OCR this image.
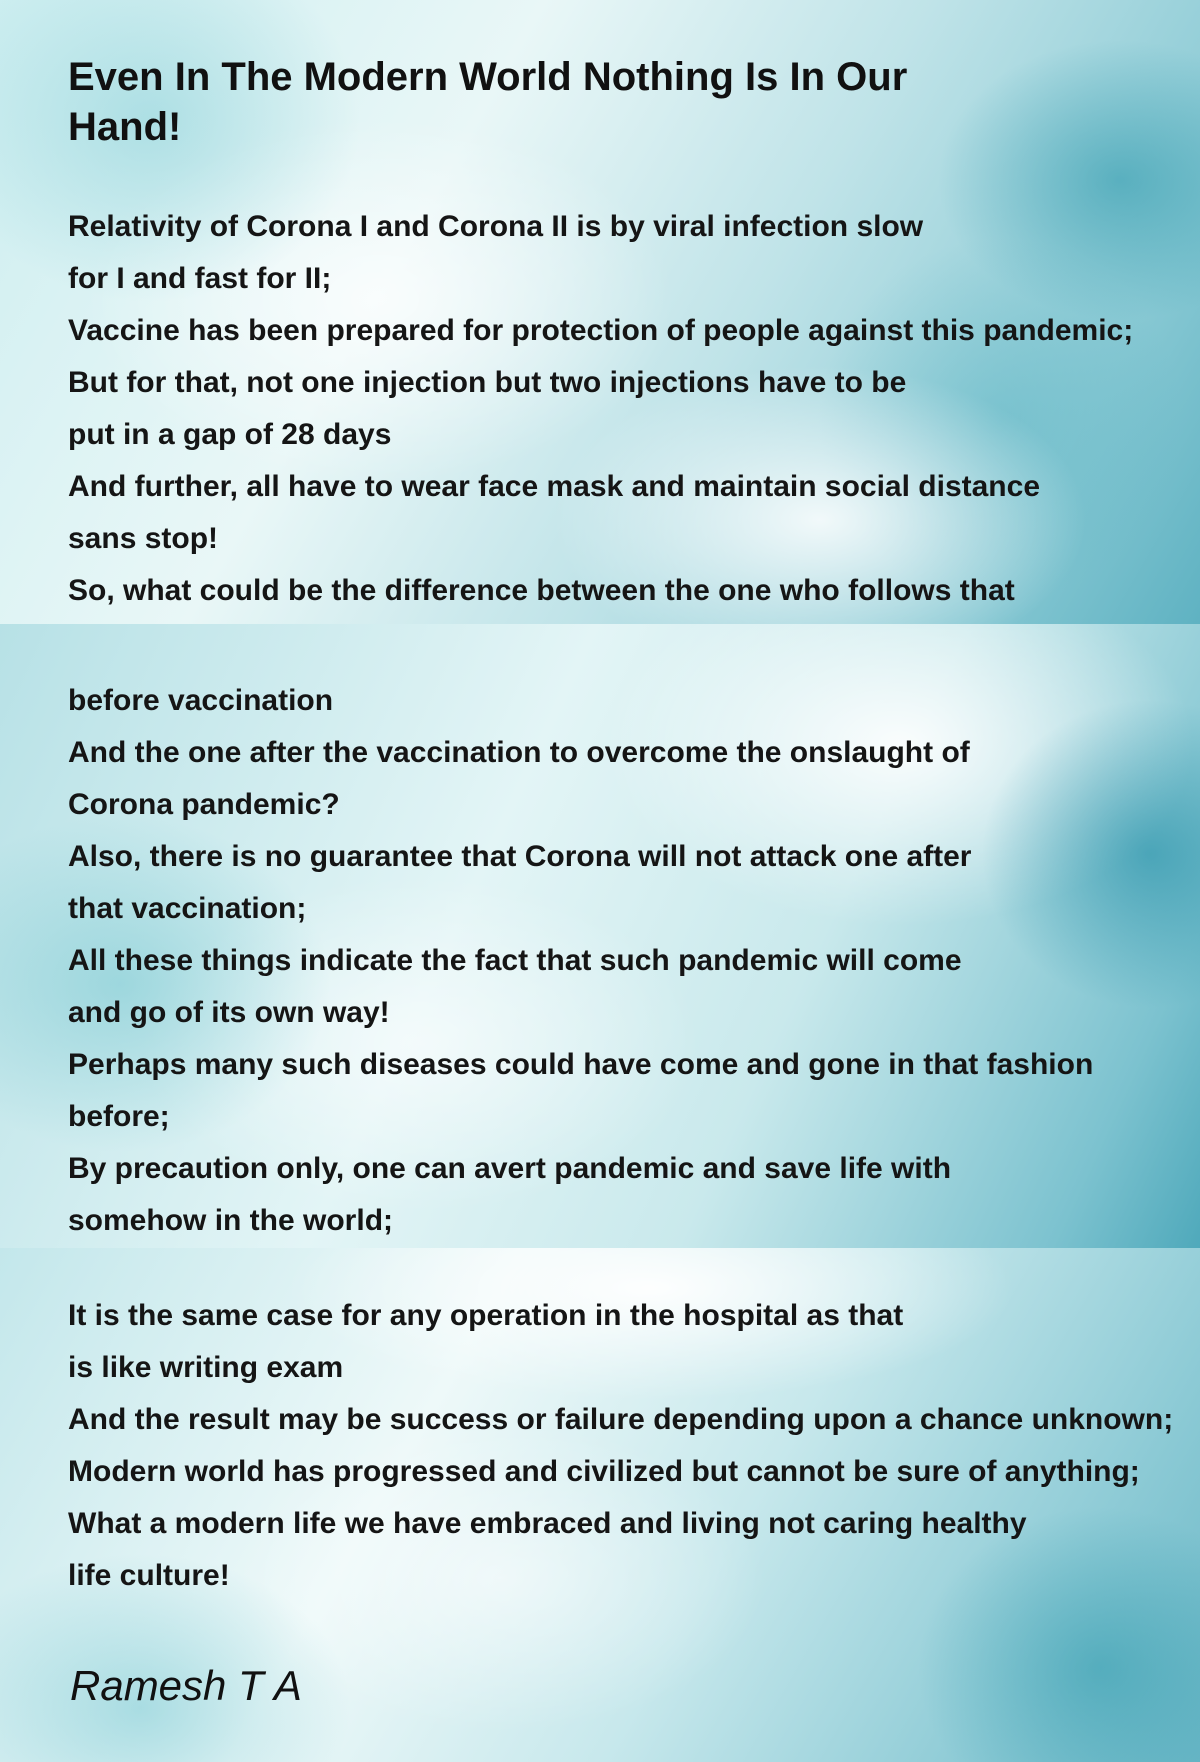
Even In The Modern World Nothing Is In Our Hand!
Relativity of Corona I and Corona II is by viral infection slow
for I and fast for II;
Vaccine has been prepared for protection of people against this pandemic;
But for that, not one injection but two injections have to be
put in a gap of 28 days
And further, all have to wear face mask and maintain social distance
sans stop!
So, what could be the difference between the one who follows that
before vaccination
And the one after the vaccination to overcome the onslaught of
Corona pandemic?
Also, there is no guarantee that Corona will not attack one after
that vaccination;
All these things indicate the fact that such pandemic will come
and go of its own way!
Perhaps many such diseases could have come and gone in that fashion
before;
By precaution only, one can avert pandemic and save life with
somehow in the world;
It is the same case for any operation in the hospital as that
is like writing exam
And the result may be success or failure depending upon a chance unknown;
Modern world has progressed and civilized but cannot be sure of anything;
What a modern life we have embraced and living not caring healthy
life culture!

Ramesh T A
